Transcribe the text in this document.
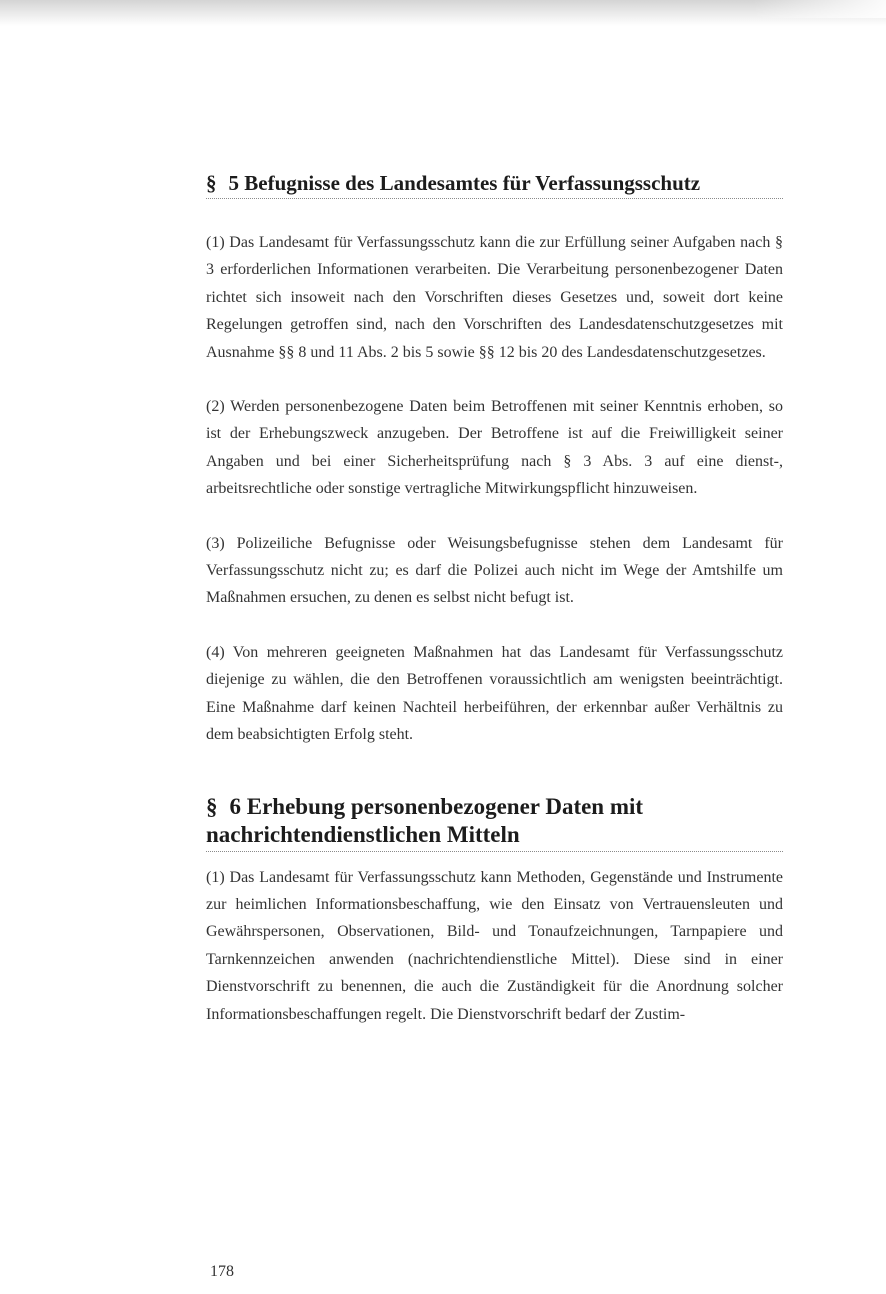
§ 5 Befugnisse des Landesamtes für Verfassungsschutz

(1) Das Landesamt für Verfassungsschutz kann die zur Erfüllung seiner Aufgaben nach § 3 erforderlichen Informationen verarbeiten. Die Verarbeitung personenbezogener Daten richtet sich insoweit nach den Vorschriften dieses Gesetzes und, soweit dort keine Regelungen getroffen sind, nach den Vorschriften des Landesdatenschutzgesetzes mit Ausnahme §§ 8 und 11 Abs. 2 bis 5 sowie §§ 12 bis 20 des Landesdatenschutzgesetzes.

(2) Werden personenbezogene Daten beim Betroffenen mit seiner Kenntnis erhoben, so ist der Erhebungszweck anzugeben. Der Betroffene ist auf die Freiwilligkeit seiner Angaben und bei einer Sicherheitsprüfung nach § 3 Abs. 3 auf eine dienst-, arbeitsrechtliche oder sonstige vertragliche Mitwirkungspflicht hinzuweisen.

(3) Polizeiliche Befugnisse oder Weisungsbefugnisse stehen dem Landesamt für Verfassungsschutz nicht zu; es darf die Polizei auch nicht im Wege der Amtshilfe um Maßnahmen ersuchen, zu denen es selbst nicht befugt ist.

(4) Von mehreren geeigneten Maßnahmen hat das Landesamt für Verfassungsschutz diejenige zu wählen, die den Betroffenen voraussichtlich am wenigsten beeinträchtigt. Eine Maßnahme darf keinen Nachteil herbeiführen, der erkennbar außer Verhältnis zu dem beabsichtigten Erfolg steht.

§ 6 Erhebung personenbezogener Daten mit nachrichtendienstlichen Mitteln

(1) Das Landesamt für Verfassungsschutz kann Methoden, Gegenstände und Instrumente zur heimlichen Informationsbeschaffung, wie den Einsatz von Vertrauensleuten und Gewährspersonen, Observationen, Bild- und Tonaufzeichnungen, Tarnpapiere und Tarnkennzeichen anwenden (nachrichtendienstliche Mittel). Diese sind in einer Dienstvorschrift zu benennen, die auch die Zuständigkeit für die Anordnung solcher Informationsbeschaffungen regelt. Die Dienstvorschrift bedarf der Zustim-

178
